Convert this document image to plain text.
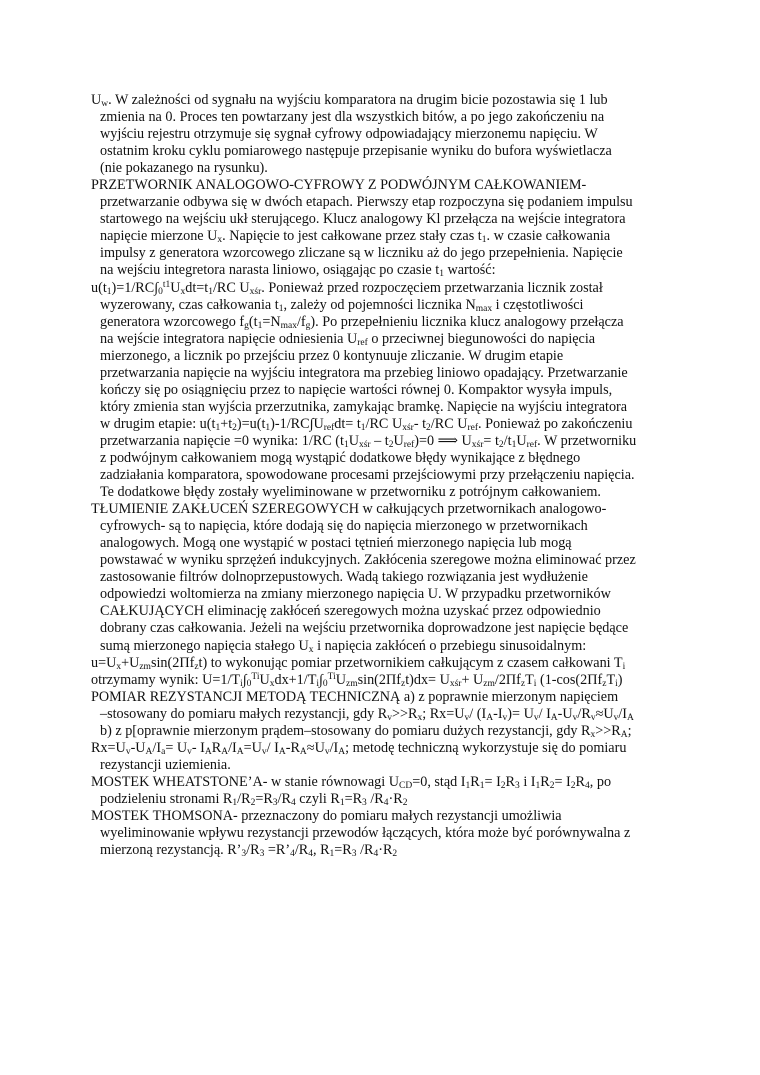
$U_w$. W zależności od sygnału na wyjściu komparatora na drugim bicie pozostawia się 1 lub
zmienia na 0. Proces ten powtarzany jest dla wszystkich bitów, a po jego zakończeniu na
wyjściu rejestru otrzymuje się sygnał cyfrowy odpowiadający mierzonemu napięciu. W
ostatnim kroku cyklu pomiarowego następuje przepisanie wyniku do bufora wyświetlacza
(nie pokazanego na rysunku).
PRZETWORNIK ANALOGOWO-CYFROWY Z PODWÓJNYM CAŁKOWANIEM-
przetwarzanie odbywa się w dwóch etapach. Pierwszy etap rozpoczyna się podaniem impulsu
startowego na wejściu ukł sterującego. Klucz analogowy Kl przełącza na wejście integratora
napięcie mierzone $U_x$. Napięcie to jest całkowane przez stały czas $t_1$. w czasie całkowania
impulsy z generatora wzorcowego zliczane są w liczniku aż do jego przepełnienia. Napięcie
na wejściu integretora narasta liniowo, osiągając po czasie $t_1$ wartość:
$u(t_1)=1/RC\int_0^{t1}U_xdt=t_1/RC$ $U_{xśr}$. Ponieważ przed rozpoczęciem przetwarzania licznik został
wyzerowany, czas całkowania $t_1$, zależy od pojemności licznika $N_{max}$ i częstotliwości
generatora wzorcowego $f_g(t_1=N_{max}/f_g)$. Po przepełnieniu licznika klucz analogowy przełącza
na wejście integratora napięcie odniesienia $U_{ref}$ o przeciwnej biegunowości do napięcia
mierzonego, a licznik po przejściu przez 0 kontynuuje zliczanie. W drugim etapie
przetwarzania napięcie na wyjściu integratora ma przebieg liniowo opadający. Przetwarzanie
kończy się po osiągnięciu przez to napięcie wartości równej 0. Kompaktor wysyła impuls,
który zmienia stan wyjścia przerzutnika, zamykając bramkę. Napięcie na wyjściu integratora
w drugim etapie: $u(t_1+t_2)=u(t_1)-1/RC\int U_{ref}dt= t_1/RC$ $U_{xśr}-$ $t_2/RC$ $U_{ref}$. Ponieważ po zakończeniu
przetwarzania napięcie =0 wynika: 1/RC $(t_1U_{xśr} - t_2U_{ref})=0$ ⟹ $U_{xśr}= t_2/t_1U_{ref}$. W przetworniku
z podwójnym całkowaniem mogą wystąpić dodatkowe błędy wynikające z błędnego
zadziałania komparatora, spowodowane procesami przejściowymi przy przełączeniu napięcia.
Te dodatkowe błędy zostały wyeliminowane w przetworniku z potrójnym całkowaniem.
TŁUMIENIE ZAKŁUCEŃ SZEREGOWYCH w całkujących przetwornikach analogowo-
cyfrowych- są to napięcia, które dodają się do napięcia mierzonego w przetwornikach
analogowych. Mogą one wystąpić w postaci tętnień mierzonego napięcia lub mogą
powstawać w wyniku sprzężeń indukcyjnych. Zakłócenia szeregowe można eliminować przez
zastosowanie filtrów dolnoprzepustowych. Wadą takiego rozwiązania jest wydłużenie
odpowiedzi woltomierza na zmiany mierzonego napięcia U. W przypadku przetworników
CAŁKUJĄCYCH eliminację zakłóceń szeregowych można uzyskać przez odpowiednio
dobrany czas całkowania. Jeżeli na wejściu przetwornika doprowadzone jest napięcie będące
sumą mierzonego napięcia stałego $U_x$ i napięcia zakłóceń o przebiegu sinusoidalnym:
$u=U_x+U_{zm}\sin(2\Pi f_zt)$ to wykonując pomiar przetwornikiem całkującym z czasem całkowani $T_i$
otrzymamy wynik: $U=1/T_i\int_0^{Ti}U_xdx+1/T_i\int_0^{Ti}U_{zm}\sin(2\Pi f_zt)dx= U_{xśr}+ U_{zm}/2\Pi f_zT_i$ ($1-\cos(2\Pi f_zT_i)$
POMIAR REZYSTANCJI METODĄ TECHNICZNĄ a) z poprawnie mierzonym napięciem
–stosowany do pomiaru małych rezystancji, gdy $R_v>>R_x$; $Rx=U_v/$ $(I_A-I_v)= U_v/$ $I_A-U_v/R_v\approx U_v/I_A$
b) z p[oprawnie mierzonym prądem–stosowany do pomiaru dużych rezystancji, gdy $R_x>>R_A$;
$Rx=U_v-U_A/I_a= U_v-$ $I_AR_A/I_A=U_v/$ $I_A-R_A\approx U_v/I_A$; metodę techniczną wykorzystuje się do pomiaru
rezystancji uziemienia.
MOSTEK WHEATSTONE’A- w stanie równowagi $U_{CD}=0$, stąd $I_1R_1= I_2R_3$ i $I_1R_2= I_2R_4$, po
podzieleniu stronami $R_1/R_2=R_3/R_4$ czyli $R_1=R_3$ $/R_4\cdot R_2$
MOSTEK THOMSONA- przeznaczony do pomiaru małych rezystancji umożliwia
wyeliminowanie wpływu rezystancji przewodów łączących, która może być porównywalna z
mierzoną rezystancją. $R’_3/R_3$ $=R’_4/R_4$, $R_1=R_3$ $/R_4\cdot R_2$
